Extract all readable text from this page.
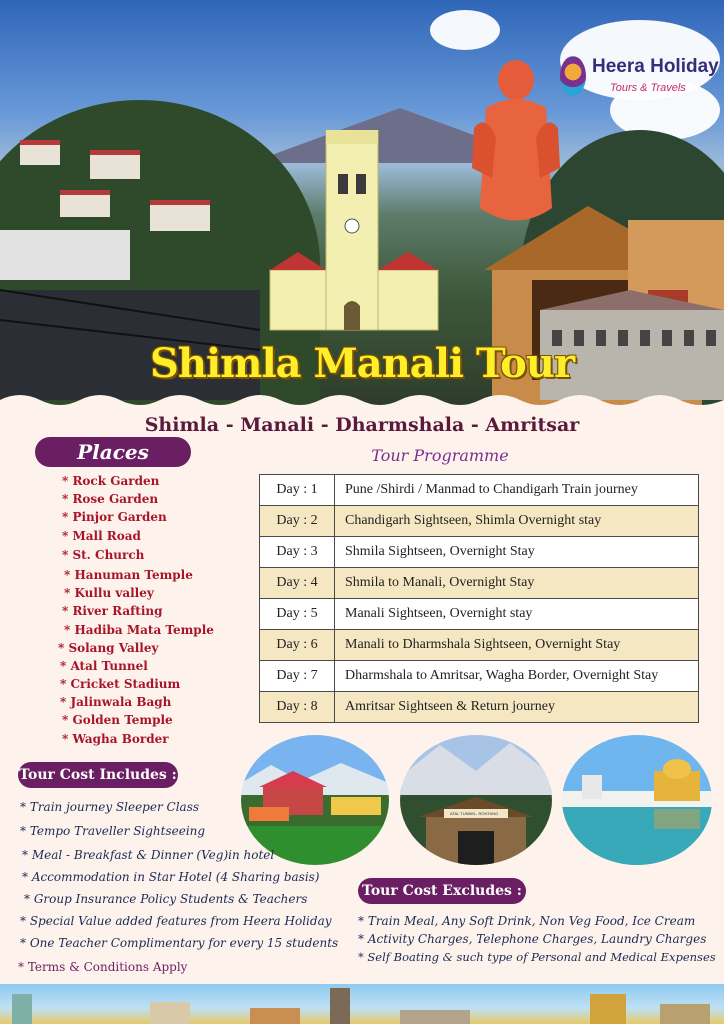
Heera Holiday
Tours & Travels
Shimla Manali Tour
Shimla - Manali - Dharmshala - Amritsar
Tour Programme
Places
* Rock Garden
* Rose Garden
* Pinjor Garden
* Mall Road
* St. Church
* Hanuman Temple
* Kullu valley
* River Rafting
* Hadiba Mata Temple
* Solang Valley
* Atal Tunnel
* Cricket Stadium
* Jalinwala Bagh
* Golden Temple
* Wagha Border
Day : 1	Pune /Shirdi / Manmad to Chandigarh Train journey
Day : 2	Chandigarh Sightseen, Shimla Overnight stay
Day : 3	Shmila Sightseen, Overnight Stay
Day : 4	Shmila to Manali, Overnight Stay
Day : 5	Manali Sightseen, Overnight stay
Day : 6	Manali to Dharmshala Sightseen, Overnight Stay
Day : 7	Dharmshala to Amritsar, Wagha Border, Overnight Stay
Day : 8	Amritsar Sightseen & Return journey
ATAL TUNNEL, ROHTANG
Tour Cost Includes :
* Train journey Sleeper Class
* Tempo Traveller Sightseeing
* Meal - Breakfast & Dinner (Veg)in hotel
* Accommodation in Star Hotel (4 Sharing basis)
* Group Insurance Policy Students & Teachers
* Special Value added features from Heera Holiday
* One Teacher Complimentary for every 15 students
* Terms & Conditions Apply
Tour Cost Excludes :
* Train Meal, Any Soft Drink, Non Veg Food, Ice Cream
* Activity Charges, Telephone Charges, Laundry Charges
* Self Boating & such type of Personal and Medical Expenses
